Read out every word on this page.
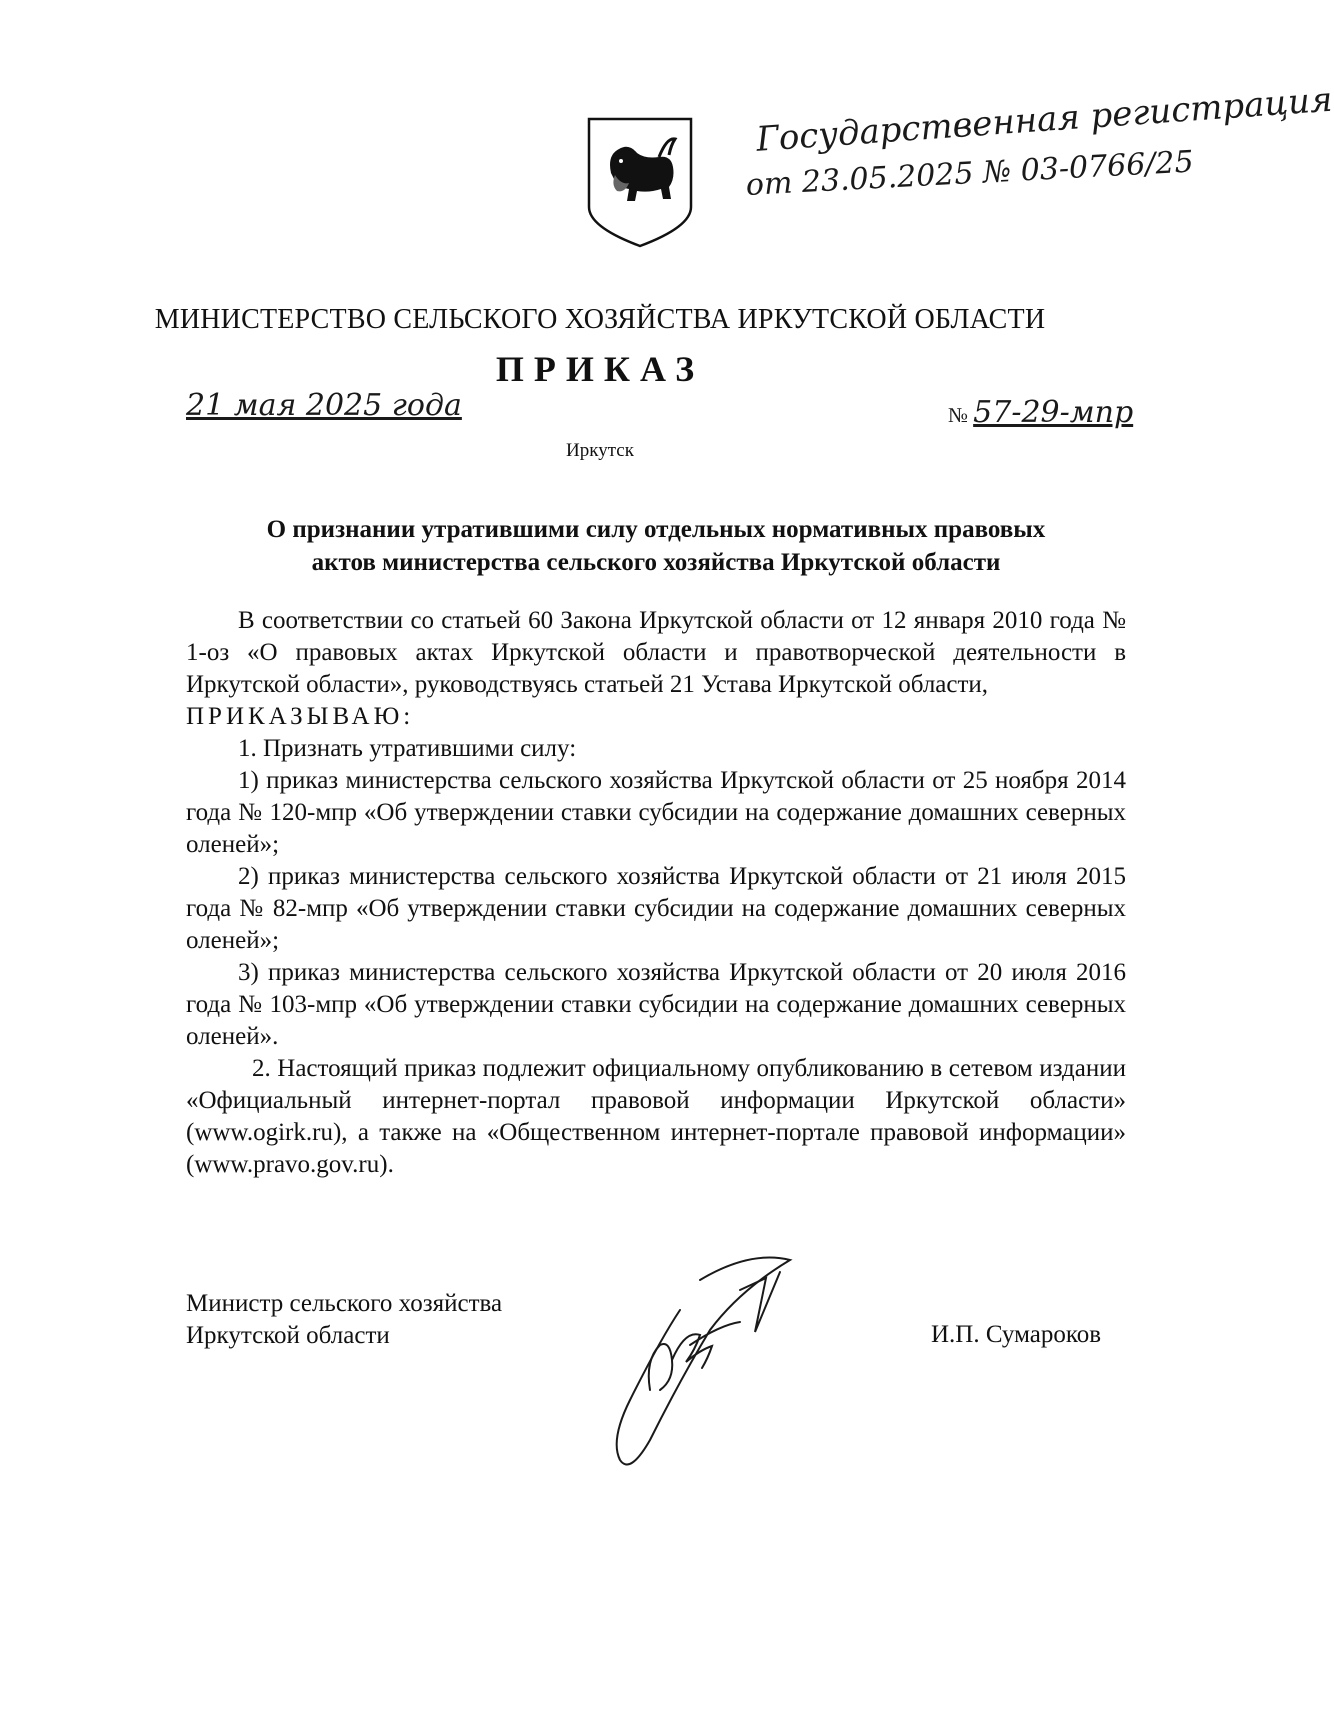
Государственная регистрация
от 23.05.2025 № 03-0766/25
МИНИСТЕРСТВО СЕЛЬСКОГО ХОЗЯЙСТВА ИРКУТСКОЙ ОБЛАСТИ
ПРИКАЗ
21 мая 2025 года	№ 57-29-мпр
Иркутск
О признании утратившими силу отдельных нормативных правовых
актов министерства сельского хозяйства Иркутской области

В соответствии со статьей 60 Закона Иркутской области от 12 января 2010 года № 1-оз «О правовых актах Иркутской области и правотворческой деятельности в Иркутской области», руководствуясь статьей 21 Устава Иркутской области,

ПРИКАЗЫВАЮ:

1. Признать утратившими силу:

1) приказ министерства сельского хозяйства Иркутской области от 25 ноября 2014 года № 120-мпр «Об утверждении ставки субсидии на содержание домашних северных оленей»;

2) приказ министерства сельского хозяйства Иркутской области от 21 июля 2015 года № 82-мпр «Об утверждении ставки субсидии на содержание домашних северных оленей»;

3) приказ министерства сельского хозяйства Иркутской области от 20 июля 2016 года № 103-мпр «Об утверждении ставки субсидии на содержание домашних северных оленей».

2. Настоящий приказ подлежит официальному опубликованию в сетевом издании «Официальный интернет-портал правовой информации Иркутской области» (www.ogirk.ru), а также на «Общественном интернет-портале правовой информации» (www.pravo.gov.ru).

Министр сельского хозяйства
Иркутской области	И.П. Сумароков
